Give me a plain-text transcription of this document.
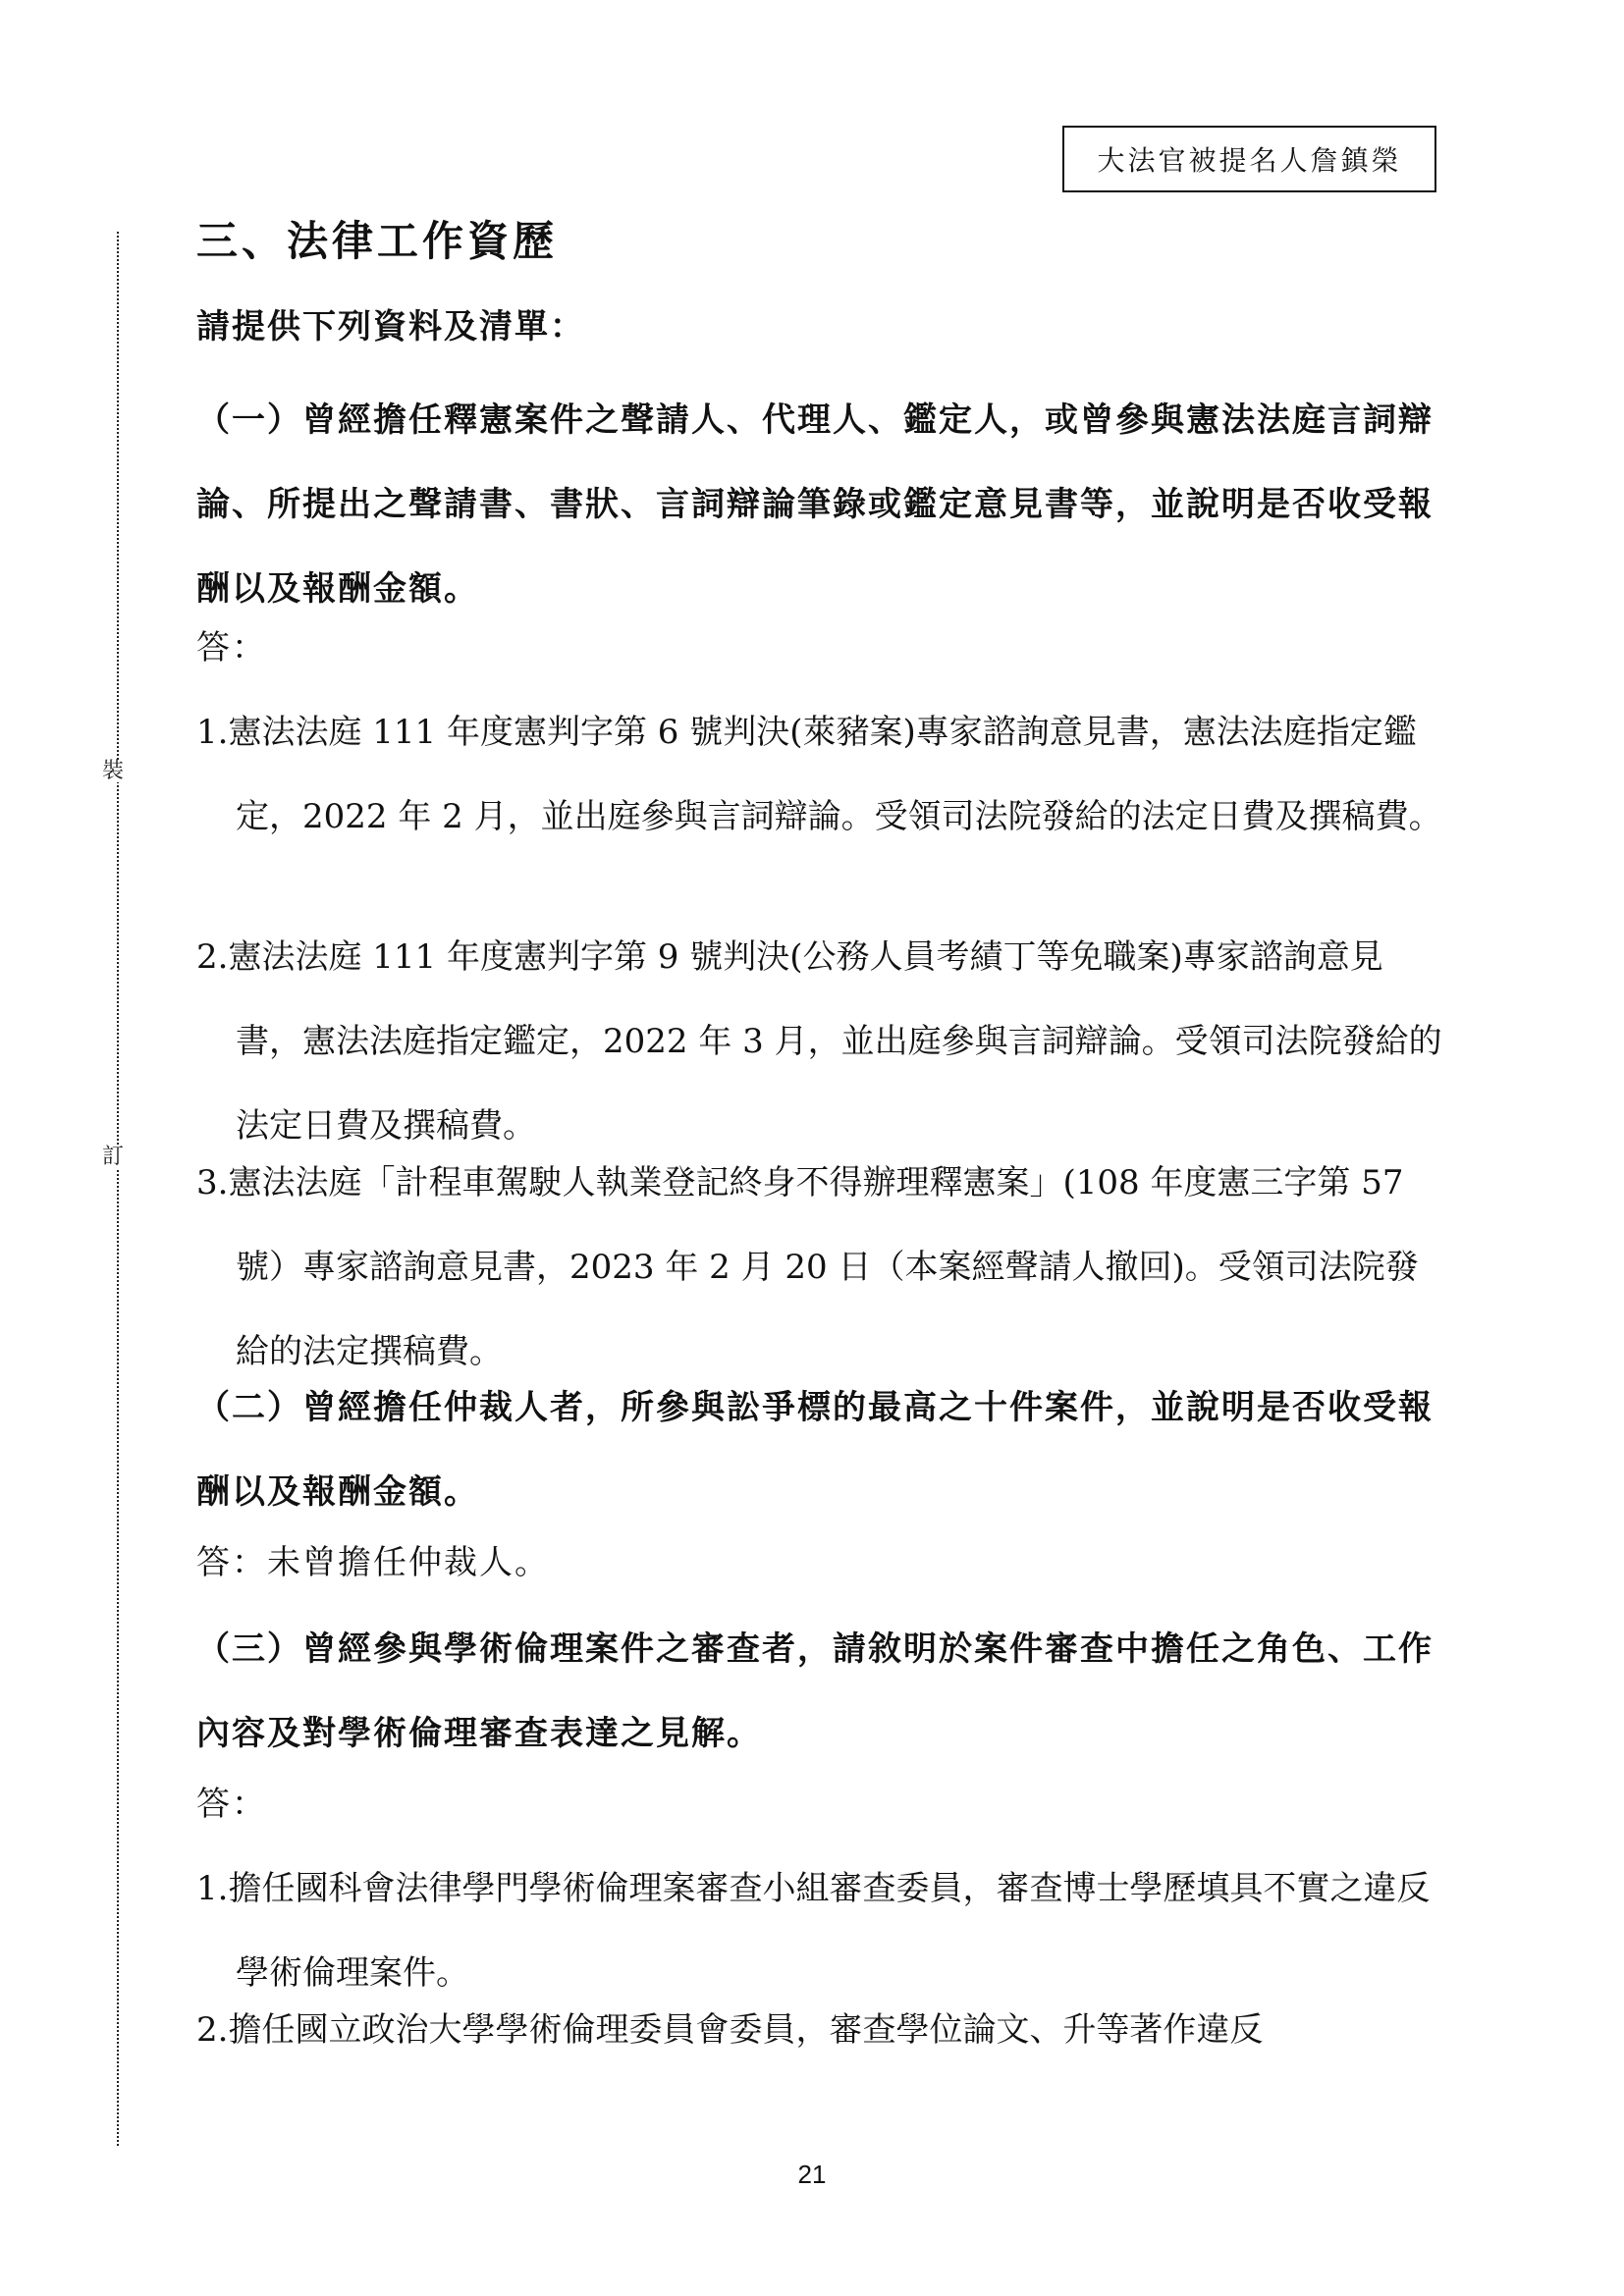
裝
訂
大法官被提名人詹鎮榮
三、法律工作資歷
請提供下列資料及清單：
（一）曾經擔任釋憲案件之聲請人、代理人、鑑定人，或曾參與憲法法庭言詞辯論、所提出之聲請書、書狀、言詞辯論筆錄或鑑定意見書等，並說明是否收受報酬以及報酬金額。
答：
1.憲法法庭 111 年度憲判字第 6 號判決(萊豬案)專家諮詢意見書，憲法法庭指定鑑定，2022 年 2 月，並出庭參與言詞辯論。受領司法院發給的法定日費及撰稿費。
2.憲法法庭 111 年度憲判字第 9 號判決(公務人員考績丁等免職案)專家諮詢意見書，憲法法庭指定鑑定，2022 年 3 月，並出庭參與言詞辯論。受領司法院發給的法定日費及撰稿費。
3.憲法法庭「計程車駕駛人執業登記終身不得辦理釋憲案」(108 年度憲三字第 57 號）專家諮詢意見書，2023 年 2 月 20 日（本案經聲請人撤回)。受領司法院發給的法定撰稿費。
（二）曾經擔任仲裁人者，所參與訟爭標的最高之十件案件，並說明是否收受報酬以及報酬金額。
答：未曾擔任仲裁人。
（三）曾經參與學術倫理案件之審查者，請敘明於案件審查中擔任之角色、工作內容及對學術倫理審查表達之見解。
答：
1.擔任國科會法律學門學術倫理案審查小組審查委員，審查博士學歷填具不實之違反學術倫理案件。
2.擔任國立政治大學學術倫理委員會委員，審查學位論文、升等著作違反
21
